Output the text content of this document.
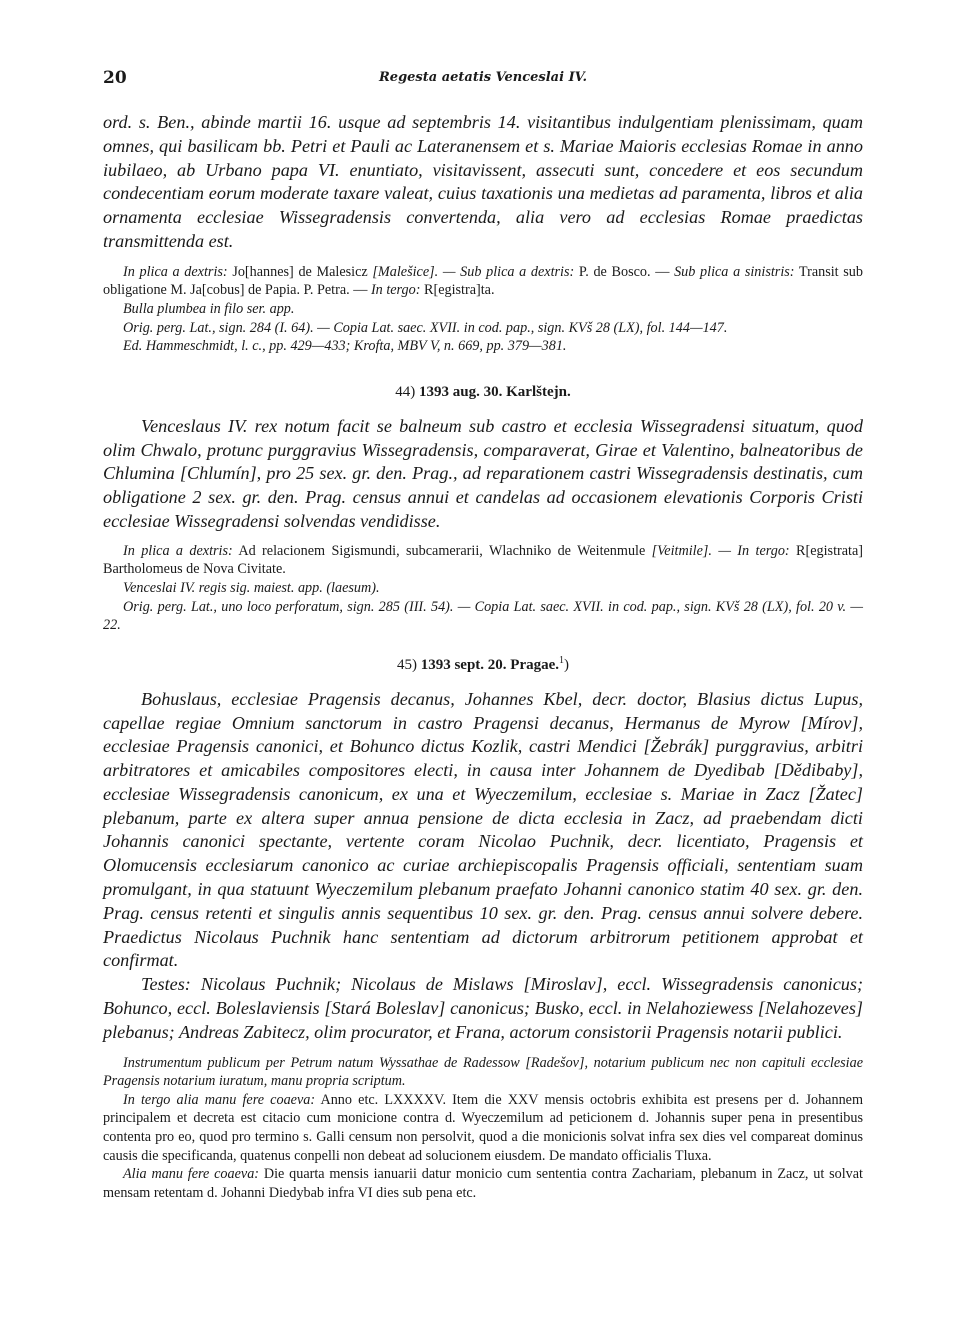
20	Regesta aetatis Venceslai IV.

ord. s. Ben., abinde martii 16. usque ad septembris 14. visitantibus indulgentiam plenissimam, quam omnes, qui basilicam bb. Petri et Pauli ac Lateranensem et s. Mariae Maioris ecclesias Romae in anno iubilaeo, ab Urbano papa VI. enuntiato, visitavissent, assecuti sunt, concedere et eos secundum condecentiam eorum moderate taxare valeat, cuius taxationis una medietas ad paramenta, libros et alia ornamenta ecclesiae Wissegradensis convertenda, alia vero ad ecclesias Romae praedictas transmittenda est.

In plica a dextris: Jo[hannes] de Malesicz [Malešice]. — Sub plica a dextris: P. de Bosco. — Sub plica a sinistris: Transit sub obligatione M. Ja[cobus] de Papia. P. Petra. — In tergo: R[egistra]ta.

Bulla plumbea in filo ser. app.

Orig. perg. Lat., sign. 284 (I. 64). — Copia Lat. saec. XVII. in cod. pap., sign. KVš 28 (LX), fol. 144—147.

Ed. Hammeschmidt, l. c., pp. 429—433; Krofta, MBV V, n. 669, pp. 379—381.

44) 1393 aug. 30. Karlštejn.

Venceslaus IV. rex notum facit se balneum sub castro et ecclesia Wissegradensi situatum, quod olim Chwalo, protunc purggravius Wissegradensis, comparaverat, Girae et Valentino, balneatoribus de Chlumina [Chlumín], pro 25 sex. gr. den. Prag., ad reparationem castri Wissegradensis destinatis, cum obligatione 2 sex. gr. den. Prag. census annui et candelas ad occasionem elevationis Corporis Cristi ecclesiae Wissegradensi solvendas vendidisse.

In plica a dextris: Ad relacionem Sigismundi, subcamerarii, Wlachniko de Weitenmule [Veitmile]. — In tergo: R[egistrata] Bartholomeus de Nova Civitate.

Venceslai IV. regis sig. maiest. app. (laesum).

Orig. perg. Lat., uno loco perforatum, sign. 285 (III. 54). — Copia Lat. saec. XVII. in cod. pap., sign. KVš 28 (LX), fol. 20 v. — 22.

45) 1393 sept. 20. Pragae.$^1$)

Bohuslaus, ecclesiae Pragensis decanus, Johannes Kbel, decr. doctor, Blasius dictus Lupus, capellae regiae Omnium sanctorum in castro Pragensi decanus, Hermanus de Myrow [Mírov], ecclesiae Pragensis canonici, et Bohunco dictus Kozlik, castri Mendici [Žebrák] purggravius, arbitri arbitratores et amicabiles compositores electi, in causa inter Johannem de Dyedibab [Dědibaby], ecclesiae Wissegradensis canonicum, ex una et Wyeczemilum, ecclesiae s. Mariae in Zacz [Žatec] plebanum, parte ex altera super annua pensione de dicta ecclesia in Zacz, ad praebendam dicti Johannis canonici spectante, vertente coram Nicolao Puchnik, decr. licentiato, Pragensis et Olomucensis ecclesiarum canonico ac curiae archiepiscopalis Pragensis officiali, sententiam suam promulgant, in qua statuunt Wyeczemilum plebanum praefato Johanni canonico statim 40 sex. gr. den. Prag. census retenti et singulis annis sequentibus 10 sex. gr. den. Prag. census annui solvere debere. Praedictus Nicolaus Puchnik hanc sententiam ad dictorum arbitrorum petitionem approbat et confirmat.

Testes: Nicolaus Puchnik; Nicolaus de Mislaws [Miroslav], eccl. Wissegradensis canonicus; Bohunco, eccl. Boleslaviensis [Stará Boleslav] canonicus; Busko, eccl. in Nelahoziewess [Nelahozeves] plebanus; Andreas Zabitecz, olim procurator, et Frana, actorum consistorii Pragensis notarii publici.

Instrumentum publicum per Petrum natum Wyssathae de Radessow [Radešov], notarium publicum nec non capituli ecclesiae Pragensis notarium iuratum, manu propria scriptum.

In tergo alia manu fere coaeva: Anno etc. LXXXXV. Item die XXV mensis octobris exhibita est presens per d. Johannem principalem et decreta est citacio cum monicione contra d. Wyeczemilum ad peticionem d. Johannis super pena in presentibus contenta pro eo, quod pro termino s. Galli censum non persolvit, quod a die monicionis solvat infra sex dies vel compareat dominus causis die specificanda, quatenus conpelli non debeat ad solucionem eiusdem. De mandato officialis Tluxa.

Alia manu fere coaeva: Die quarta mensis ianuarii datur monicio cum sententia contra Zachariam, plebanum in Zacz, ut solvat mensam retentam d. Johanni Diedybab infra VI dies sub pena etc.
